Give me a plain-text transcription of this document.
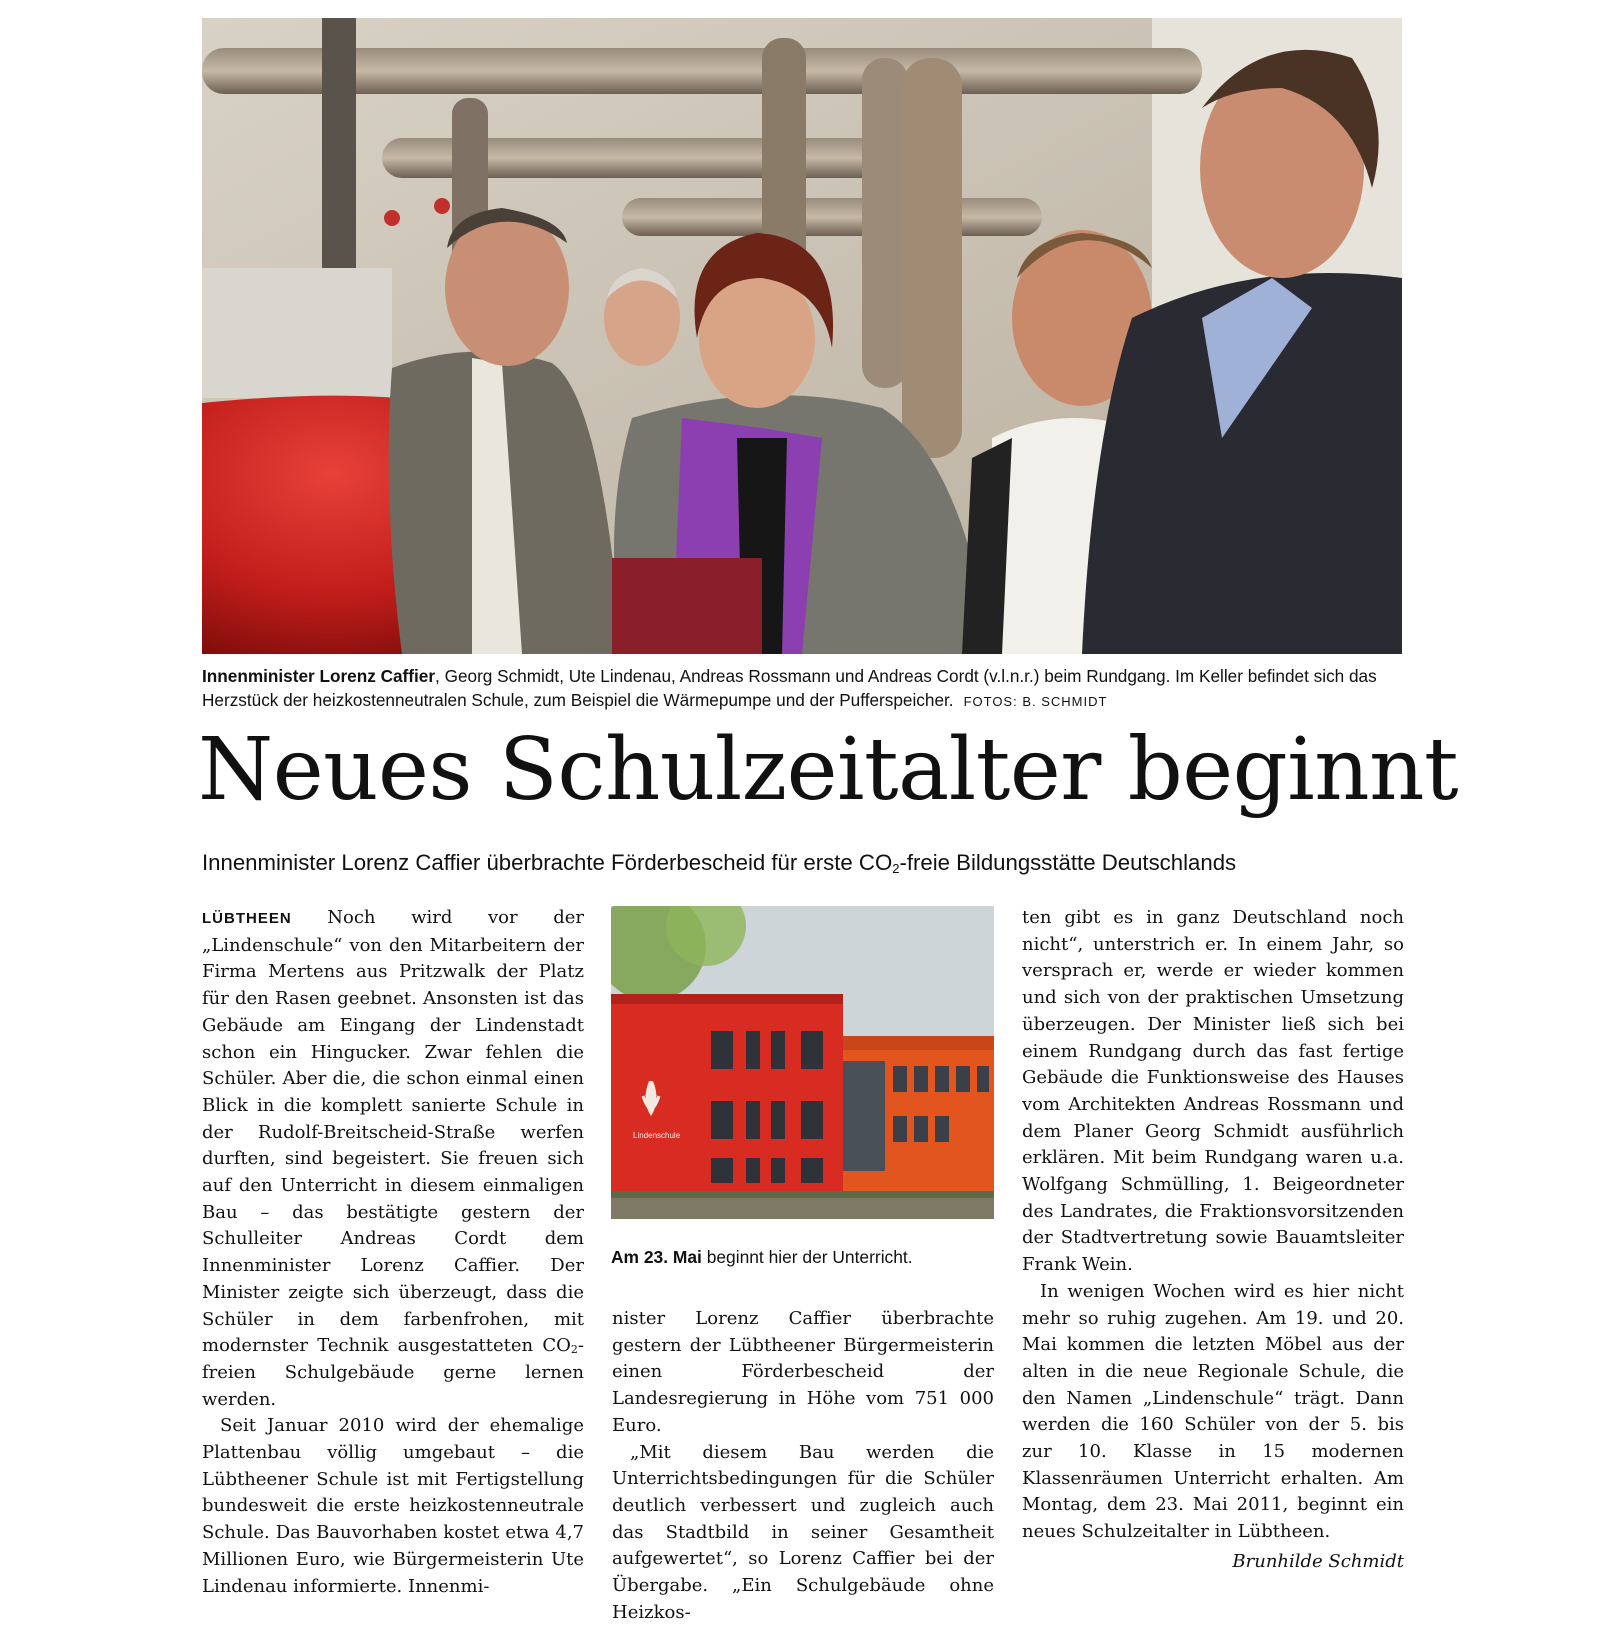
Innenminister Lorenz Caffier, Georg Schmidt, Ute Lindenau, Andreas Rossmann und Andreas Cordt (v.l.n.r.) beim Rundgang. Im Keller befindet sich das Herzstück der heizkostenneutralen Schule, zum Beispiel die Wärmepumpe und der Pufferspeicher. FOTOS: B. SCHMIDT
Neues Schulzeitalter beginnt
Innenminister Lorenz Caffier überbrachte Förderbescheid für erste $CO_2$-freie Bildungsstätte Deutschlands

LÜBTHEEN Noch wird vor der „Lindenschule“ von den Mitarbeitern der Firma Mertens aus Pritzwalk der Platz für den Rasen geebnet. Ansonsten ist das Gebäude am Eingang der Lindenstadt schon ein Hingucker. Zwar fehlen die Schüler. Aber die, die schon einmal einen Blick in die komplett sanierte Schule in der Rudolf-Breitscheid-Straße werfen durften, sind begeistert. Sie freuen sich auf den Unterricht in diesem einmaligen Bau – das bestätigte gestern der Schulleiter Andreas Cordt dem Innenminister Lorenz Caffier. Der Minister zeigte sich überzeugt, dass die Schüler in dem farbenfrohen, mit modernster Technik ausgestatteten $CO_2$-freien Schulgebäude gerne lernen werden.

Seit Januar 2010 wird der ehemalige Plattenbau völlig umgebaut – die Lübtheener Schule ist mit Fertigstellung bundesweit die erste heizkostenneutrale Schule. Das Bauvorhaben kostet etwa 4,7 Millionen Euro, wie Bürgermeisterin Ute Lindenau informierte. Innenmi-

Lindenschule
Am 23. Mai beginnt hier der Unterricht.

nister Lorenz Caffier überbrachte gestern der Lübtheener Bürgermeisterin einen Förderbescheid der Landesregierung in Höhe vom 751 000 Euro.

„Mit diesem Bau werden die Unterrichtsbedingungen für die Schüler deutlich verbessert und zugleich auch das Stadtbild in seiner Gesamtheit aufgewertet“, so Lorenz Caffier bei der Übergabe. „Ein Schulgebäude ohne Heizkos-

ten gibt es in ganz Deutschland noch nicht“, unterstrich er. In einem Jahr, so versprach er, werde er wieder kommen und sich von der praktischen Umsetzung überzeugen. Der Minister ließ sich bei einem Rundgang durch das fast fertige Gebäude die Funktionsweise des Hauses vom Architekten Andreas Rossmann und dem Planer Georg Schmidt ausführlich erklären. Mit beim Rundgang waren u.a. Wolfgang Schmülling, 1. Beigeordneter des Landrates, die Fraktionsvorsitzenden der Stadtvertretung sowie Bauamtsleiter Frank Wein.

In wenigen Wochen wird es hier nicht mehr so ruhig zugehen. Am 19. und 20. Mai kommen die letzten Möbel aus der alten in die neue Regionale Schule, die den Namen „Lindenschule“ trägt. Dann werden die 160 Schüler von der 5. bis zur 10. Klasse in 15 modernen Klassenräumen Unterricht erhalten. Am Montag, dem 23. Mai 2011, beginnt ein neues Schulzeitalter in Lübtheen.

Brunhilde Schmidt
